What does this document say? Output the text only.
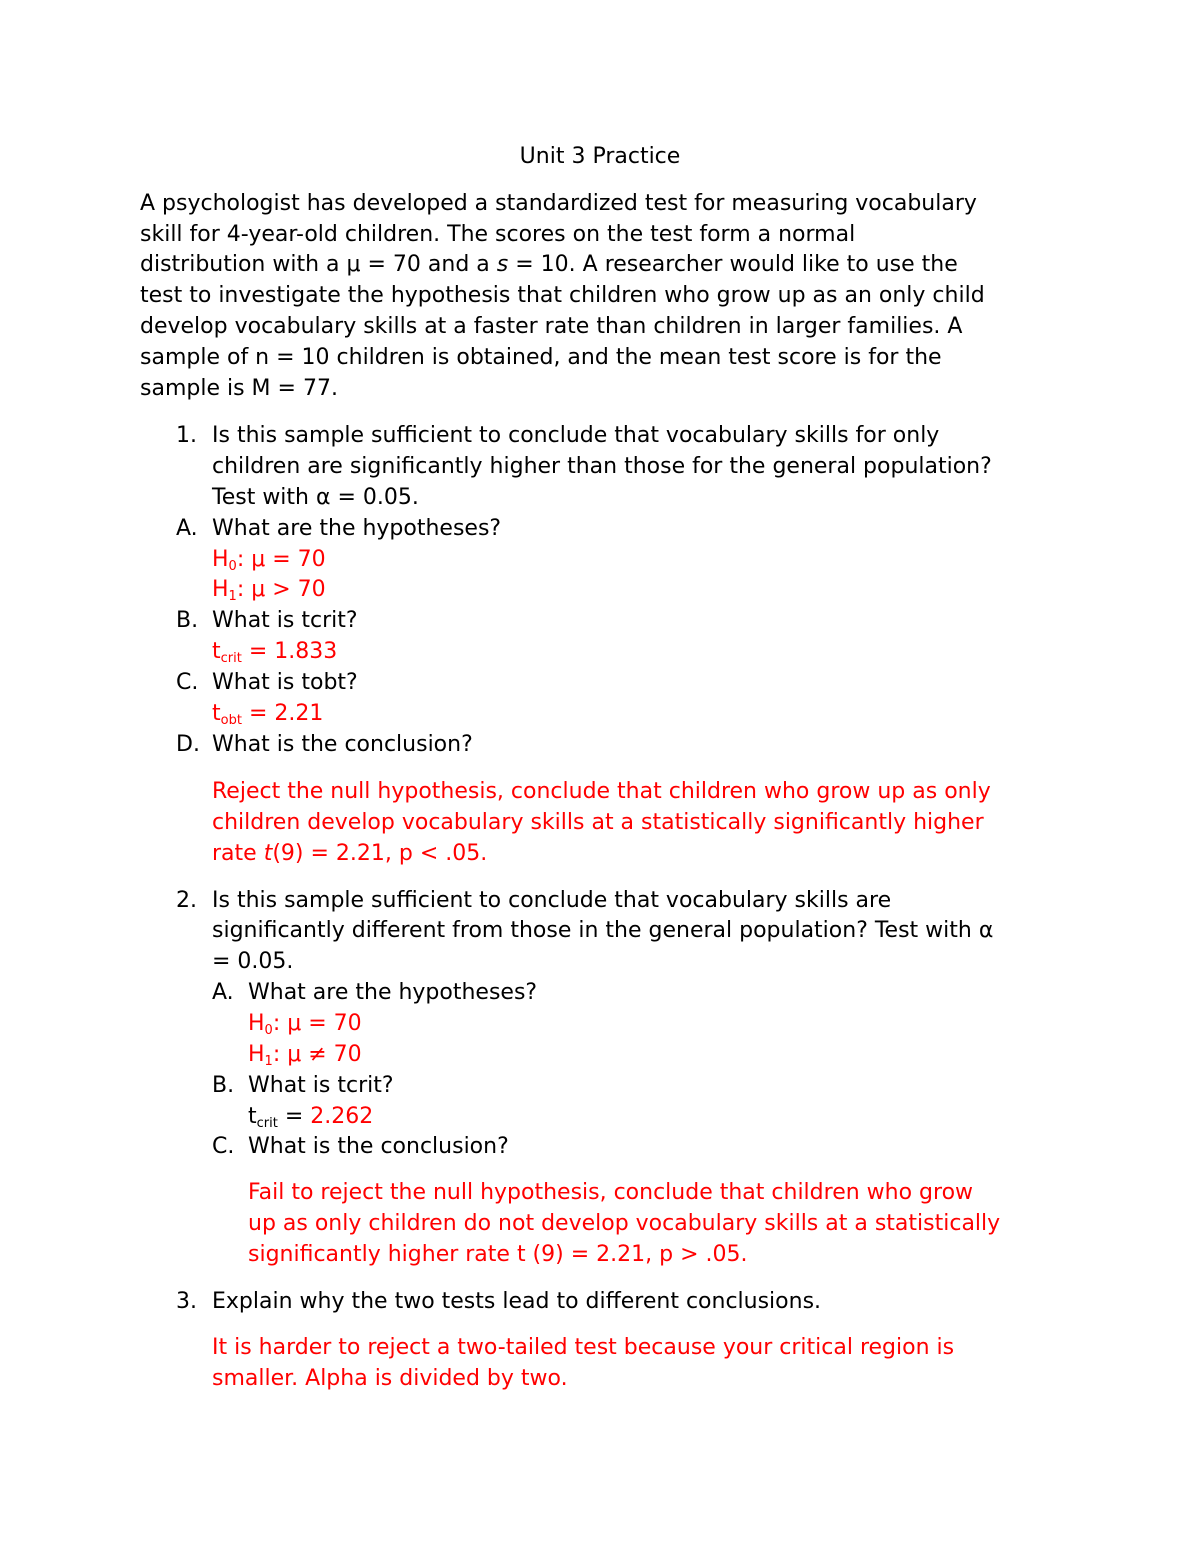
Unit 3 Practice
A psychologist has developed a standardized test for measuring vocabulary
skill for 4-year-old children. The scores on the test form a normal
distribution with a μ = 70 and a s = 10. A researcher would like to use the
test to investigate the hypothesis that children who grow up as an only child
develop vocabulary skills at a faster rate than children in larger families. A
sample of n = 10 children is obtained, and the mean test score is for the
sample is M = 77.
1. Is this sample sufficient to conclude that vocabulary skills for only
children are significantly higher than those for the general population?
Test with α = 0.05.
A. What are the hypotheses?
$H_0$: μ = 70
$H_1$: μ > 70
B. What is tcrit?
$t_{crit} = 1.833$
C. What is tobt?
$t_{obt} = 2.21$
D. What is the conclusion?
Reject the null hypothesis, conclude that children who grow up as only
children develop vocabulary skills at a statistically significantly higher
rate t(9) = 2.21, p < .05.
2. Is this sample sufficient to conclude that vocabulary skills are
significantly different from those in the general population? Test with α
= 0.05.
A. What are the hypotheses?
$H_0$: μ = 70
$H_1$: μ ≠ 70
B. What is tcrit?
$t_{crit} = 2.262$
C. What is the conclusion?
Fail to reject the null hypothesis, conclude that children who grow
up as only children do not develop vocabulary skills at a statistically
significantly higher rate t (9) = 2.21, p > .05.
3. Explain why the two tests lead to different conclusions.
It is harder to reject a two-tailed test because your critical region is
smaller. Alpha is divided by two.
